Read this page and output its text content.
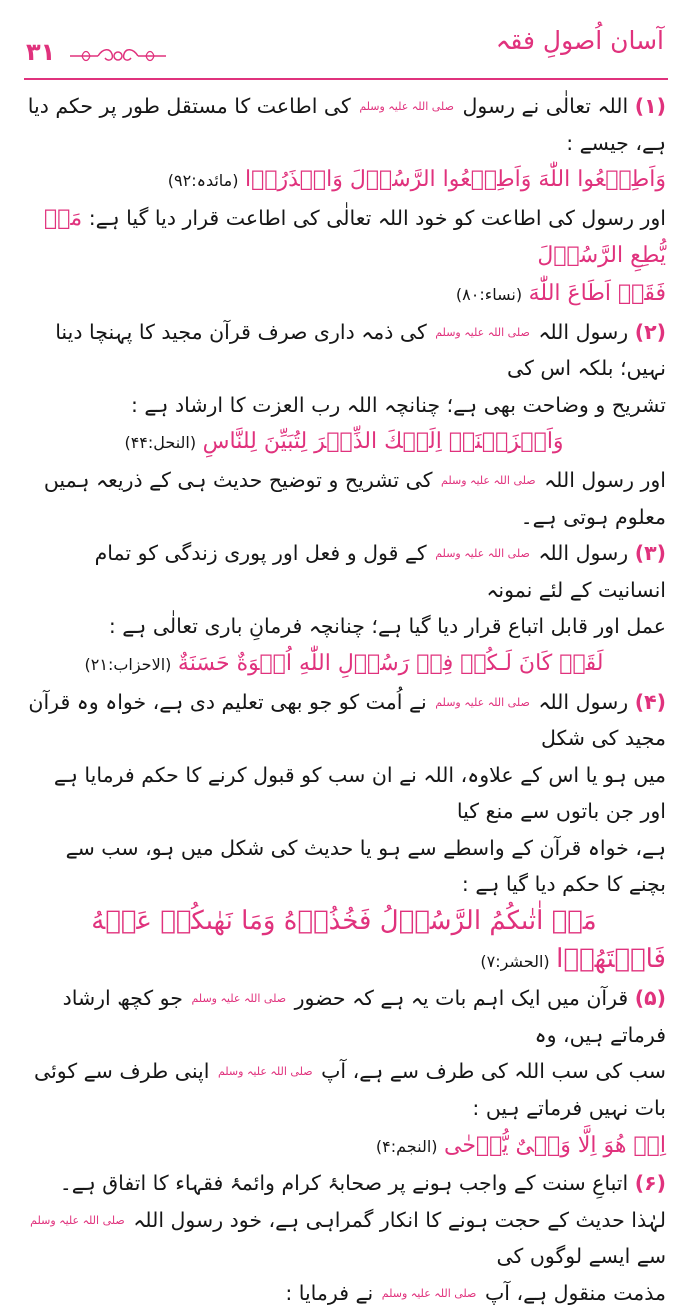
۳۱	آسان اُصولِ فقہ

(۱) اللہ تعالٰی نے رسول صلی اللہ علیہ وسلم کی اطاعت کا مستقل طور پر حکم دیا ہے، جیسے :

وَاَطِيۡعُوا اللّٰهَ وَاَطِيۡعُوا الرَّسُوۡلَ وَاحۡذَرُوۡا (مائدہ:۹۲)

اور رسول کی اطاعت کو خود اللہ تعالٰی کی اطاعت قرار دیا گیا ہے: مَنۡ يُّطِعِ الرَّسُوۡلَ

فَقَدۡ اَطَاعَ اللّٰهَ (نساء:۸۰)

(۲) رسول اللہ صلی اللہ علیہ وسلم کی ذمہ داری صرف قرآن مجید کا پہنچا دینا نہیں؛ بلکہ اس کی

تشریح و وضاحت بھی ہے؛ چنانچہ اللہ رب العزت کا ارشاد ہے :

وَاَنۡزَلۡنَاۤ اِلَيۡكَ الذِّكۡرَ لِتُبَيِّنَ لِلنَّاسِ (النحل:۴۴)

اور رسول اللہ صلی اللہ علیہ وسلم کی تشریح و توضیح حدیث ہی کے ذریعہ ہمیں معلوم ہوتی ہے۔

(۳) رسول اللہ صلی اللہ علیہ وسلم کے قول و فعل اور پوری زندگی کو تمام انسانیت کے لئے نمونہ

عمل اور قابل اتباع قرار دیا گیا ہے؛ چنانچہ فرمانِ باری تعالٰی ہے :

لَقَدۡ كَانَ لَـكُمۡ فِىۡ رَسُوۡلِ اللّٰهِ اُسۡوَةٌ حَسَنَةٌ (الاحزاب:۲۱)

(۴) رسول اللہ صلی اللہ علیہ وسلم نے اُمت کو جو بھی تعلیم دی ہے، خواہ وہ قرآن مجید کی شکل

میں ہو یا اس کے علاوہ، اللہ نے ان سب کو قبول کرنے کا حکم فرمایا ہے اور جن باتوں سے منع کیا

ہے، خواہ قرآن کے واسطے سے ہو یا حدیث کی شکل میں ہو، سب سے بچنے کا حکم دیا گیا ہے :

مَاۤ اٰتٰٮكُمُ الرَّسُوۡلُ فَخُذُوۡهُ وَمَا نَهٰٮكُمۡ عَنۡهُ

فَانۡتَهُوۡا (الحشر:۷)

(۵) قرآن میں ایک اہم بات یہ ہے کہ حضور صلی اللہ علیہ وسلم جو کچھ ارشاد فرماتے ہیں، وہ

سب کی سب اللہ کی طرف سے ہے، آپ صلی اللہ علیہ وسلم اپنی طرف سے کوئی بات نہیں فرماتے ہیں :

اِنۡ هُوَ اِلَّا وَحۡىٌ يُّوۡحٰى (النجم:۴)

(۶) اتباعِ سنت کے واجب ہونے پر صحابۂ کرام وائمۂ فقہاء کا اتفاق ہے۔

لہٰذا حدیث کے حجت ہونے کا انکار گمراہی ہے، خود رسول اللہ صلی اللہ علیہ وسلم سے ایسے لوگوں کی

مذمت منقول ہے، آپ صلی اللہ علیہ وسلم نے فرمایا :
